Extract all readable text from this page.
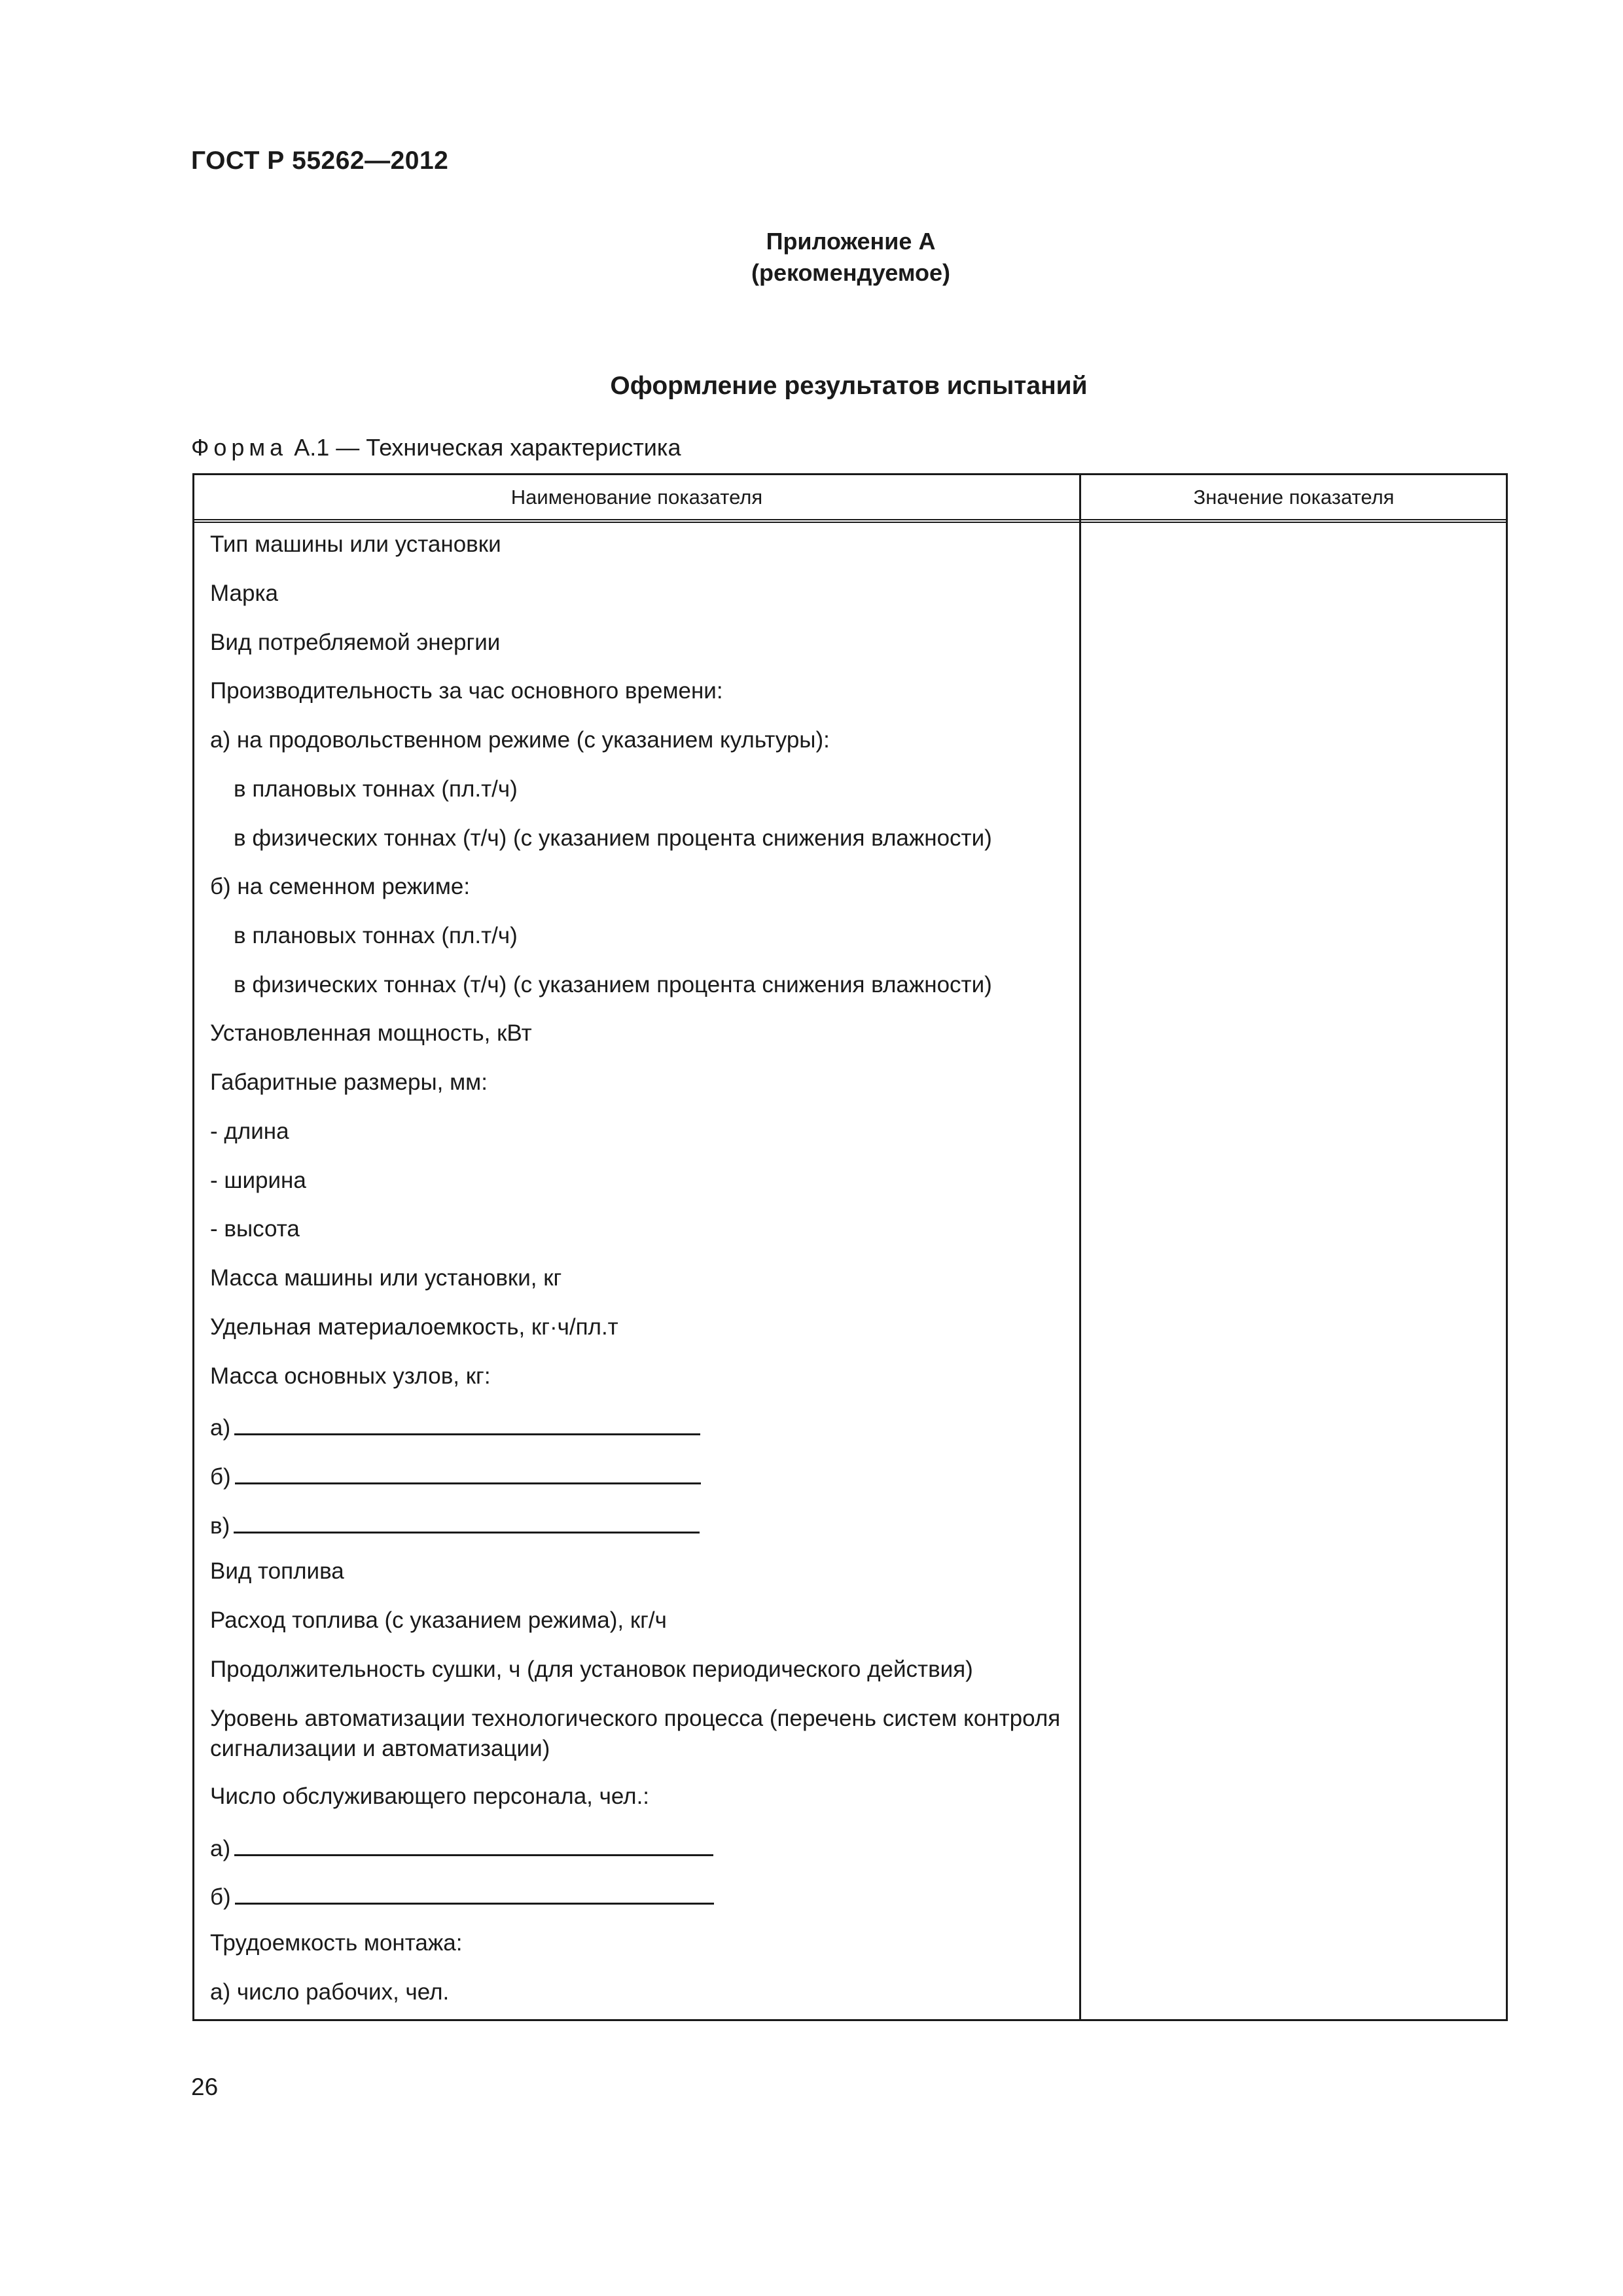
ГОСТ Р 55262—2012
Приложение А
(рекомендуемое)
Оформление результатов испытаний
Форма А.1 — Техническая характеристика
Наименование показателя	Значение показателя
Тип машины или установки
Марка
Вид потребляемой энергии
Производительность за час основного времени:
а) на продовольственном режиме (с указанием культуры):
в плановых тоннах (пл.т/ч)
в физических тоннах (т/ч) (с указанием процента снижения влажности)
б) на семенном режиме:
в плановых тоннах (пл.т/ч)
в физических тоннах (т/ч) (с указанием процента снижения влажности)
Установленная мощность, кВт
Габаритные размеры, мм:
- длина
- ширина
- высота
Масса машины или установки, кг
Удельная материалоемкость, кг·ч/пл.т
Масса основных узлов, кг:
а)
б)
в)
Вид топлива
Расход топлива (с указанием режима), кг/ч
Продолжительность сушки, ч (для установок периодического действия)
Уровень автоматизации технологического процесса (перечень систем контроля сигнализации и автоматизации)
Число обслуживающего персонала, чел.:
а)
б)
Трудоемкость монтажа:
а) число рабочих, чел.
26
